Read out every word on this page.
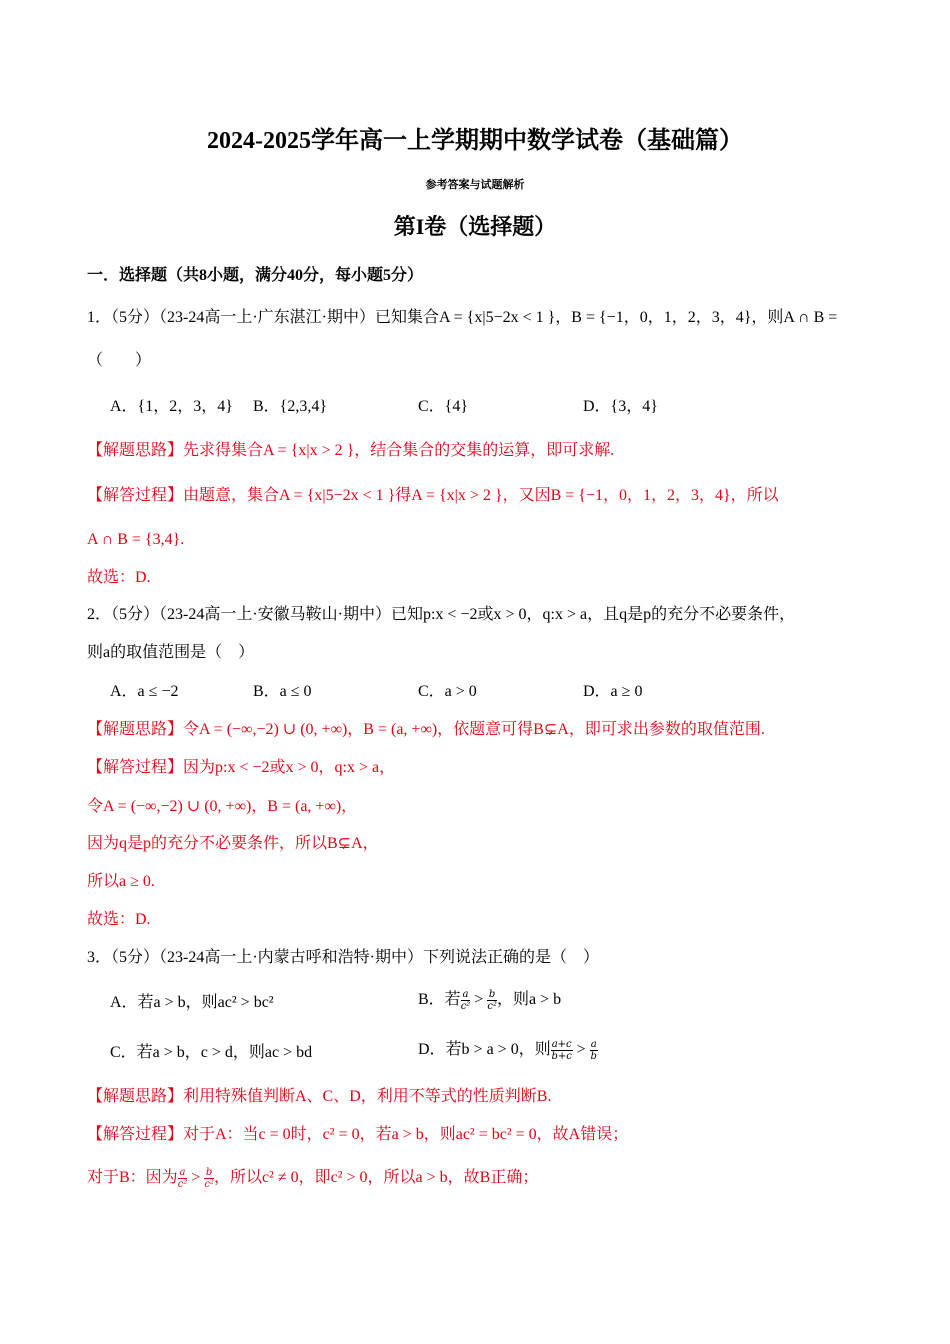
2024-2025学年高一上学期期中数学试卷（基础篇）
参考答案与试题解析
第I卷（选择题）
一．选择题（共8小题，满分40分，每小题5分）
1．（5分）（23-24高一上·广东湛江·期中）已知集合A = {x|5−2x < 1 }，B = {−1，0，1，2，3，4}，则A ∩ B =
（　　）
A．{1，2，3，4} B．{2,3,4}	C．{4}	D．{3，4}
【解题思路】先求得集合A = {x|x > 2 }，结合集合的交集的运算，即可求解.
【解答过程】由题意，集合A = {x|5−2x < 1 }得A = {x|x > 2 }，又因B = {−1，0，1，2，3，4}，所以
A ∩ B = {3,4}.
故选：D.
2．（5分）（23-24高一上·安徽马鞍山·期中）已知p:x < −2或x > 0，q:x > a，且q是p的充分不必要条件，
则a的取值范围是（　）
A．a ≤ −2	B．a ≤ 0	C．a > 0	D．a ≥ 0
【解题思路】令A = (−∞,−2) ∪ (0, +∞)，B = (a, +∞)，依题意可得B⊊A，即可求出参数的取值范围.
【解答过程】因为p:x < −2或x > 0，q:x > a，
令A = (−∞,−2) ∪ (0, +∞)，B = (a, +∞)，
因为q是p的充分不必要条件，所以B⊊A，
所以a ≥ 0.
故选：D.
3．（5分）（23-24高一上·内蒙古呼和浩特·期中）下列说法正确的是（　）
A．若a > b，则ac² > bc²	B．若 $\frac{a}{\text{c²}} > \frac{b}{\text{c²}}$ ，则a > b
C．若a > b，c > d，则ac > bd	D．若b > a > 0，则 $\frac{a+c}{b+c} > \frac{a}{b}$
【解题思路】利用特殊值判断A、C、D，利用不等式的性质判断B.
【解答过程】对于A：当c = 0时，c² = 0，若a > b，则ac² = bc² = 0，故A错误；
对于B：因为 $\frac{a}{\text{c²}} > \frac{b}{\text{c²}}$ ，所以c² ≠ 0，即c² > 0，所以a > b，故B正确；
